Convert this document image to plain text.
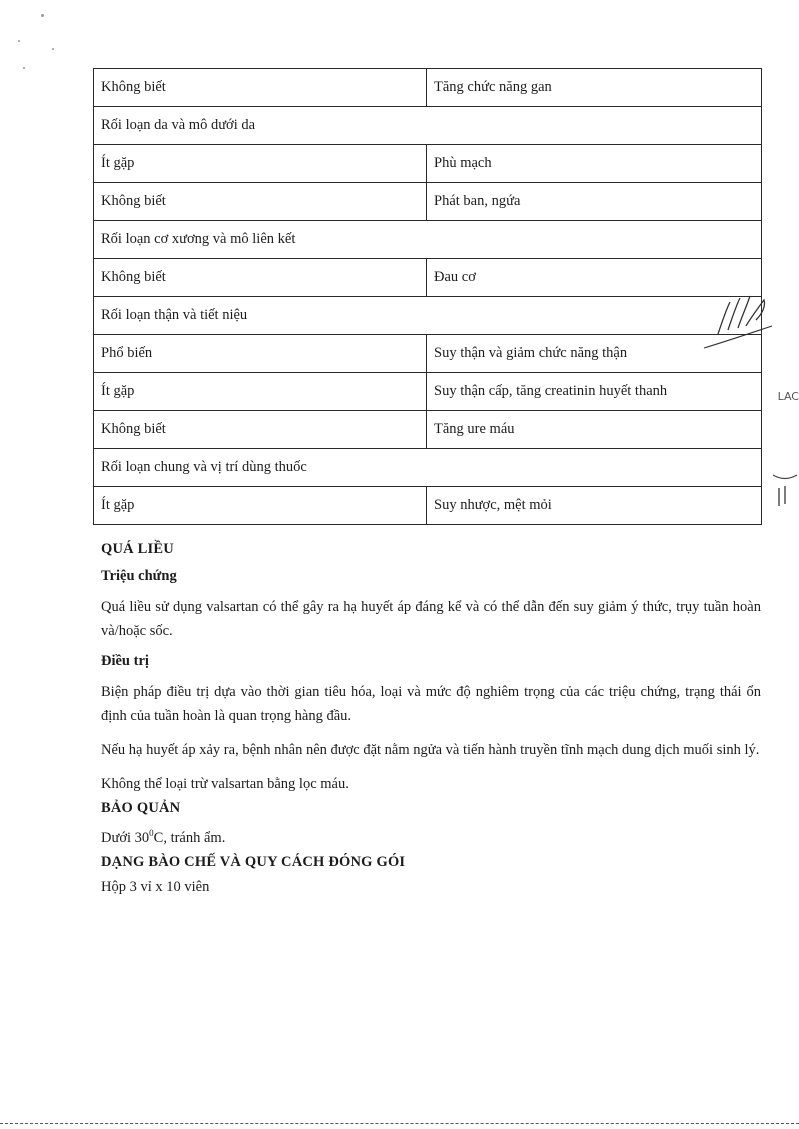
LAC
Không biết	Tăng chức năng gan
Rối loạn da và mô dưới da	
Ít gặp	Phù mạch
Không biết	Phát ban, ngứa
Rối loạn cơ xương và mô liên kết	
Không biết	Đau cơ
Rối loạn thận và tiết niệu	
Phổ biến	Suy thận và giảm chức năng thận
Ít gặp	Suy thận cấp, tăng creatinin huyết thanh
Không biết	Tăng ure máu
Rối loạn chung và vị trí dùng thuốc	
Ít gặp	Suy nhược, mệt mỏi
QUÁ LIỀU
Triệu chứng

Quá liều sử dụng valsartan có thể gây ra hạ huyết áp đáng kể và có thể dẫn đến suy giảm ý thức, trụy tuần hoàn và/hoặc sốc.

Điều trị

Biện pháp điều trị dựa vào thời gian tiêu hóa, loại và mức độ nghiêm trọng của các triệu chứng, trạng thái ổn định của tuần hoàn là quan trọng hàng đầu.

Nếu hạ huyết áp xảy ra, bệnh nhân nên được đặt nằm ngửa và tiến hành truyền tĩnh mạch dung dịch muối sinh lý.

Không thể loại trừ valsartan bằng lọc máu.

BẢO QUẢN

Dưới $30^0C$, tránh ẩm.

DẠNG BÀO CHẾ VÀ QUY CÁCH ĐÓNG GÓI

Hộp 3 vỉ x 10 viên
